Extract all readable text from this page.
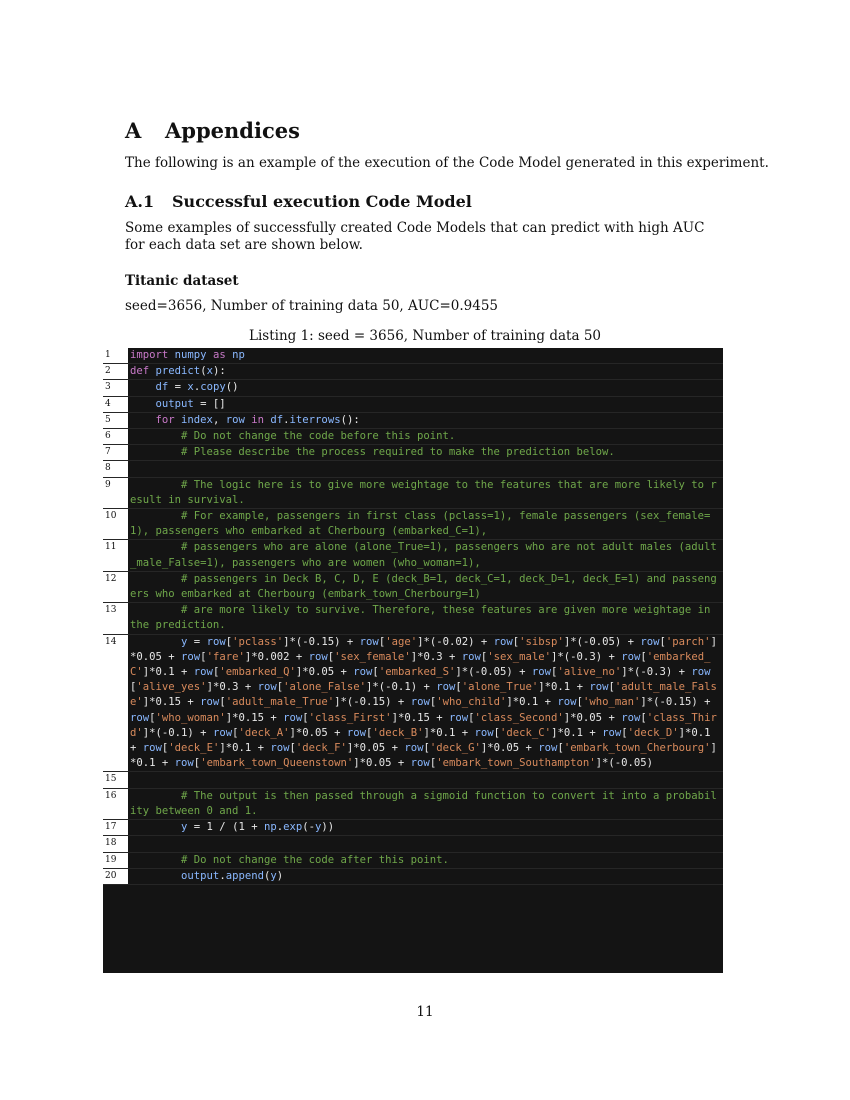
A Appendices
The following is an example of the execution of the Code Model generated in this experiment.
A.1 Successful execution Code Model
Some examples of successfully created Code Models that can predict with high AUC for each data set are shown below.
Titanic dataset
seed=3656, Number of training data 50, AUC=0.9455
Listing 1: seed = 3656, Number of training data 50
1	import numpy as np
2	def predict(x):
3	df = x.copy()
4	output = []
5	for index, row in df.iterrows():
6	# Do not change the code before this point.
7	# Please describe the process required to make the prediction below.
8

9	# The logic here is to give more weightage to the features that are more likely to result in survival.
10	# For example, passengers in first class (pclass=1), female passengers (sex_female=1), passengers who embarked at Cherbourg (embarked_C=1),
11	# passengers who are alone (alone_True=1), passengers who are not adult males (adult_male_False=1), passengers who are women (who_woman=1),
12	# passengers in Deck B, C, D, E (deck_B=1, deck_C=1, deck_D=1, deck_E=1) and passengers who embarked at Cherbourg (embark_town_Cherbourg=1)
13	# are more likely to survive. Therefore, these features are given more weightage in the prediction.
14	y = row['pclass']*(-0.15) + row['age']*(-0.02) + row['sibsp']*(-0.05) + row['parch']*0.05 + row['fare']*0.002 + row['sex_female']*0.3 + row['sex_male']*(-0.3) + row['embarked_C']*0.1 + row['embarked_Q']*0.05 + row['embarked_S']*(-0.05) + row['alive_no']*(-0.3) + row['alive_yes']*0.3 + row['alone_False']*(-0.1) + row['alone_True']*0.1 + row['adult_male_False']*0.15 + row['adult_male_True']*(-0.15) + row['who_child']*0.1 + row['who_man']*(-0.15) + row['who_woman']*0.15 + row['class_First']*0.15 + row['class_Second']*0.05 + row['class_Third']*(-0.1) + row['deck_A']*0.05 + row['deck_B']*0.1 + row['deck_C']*0.1 + row['deck_D']*0.1 + row['deck_E']*0.1 + row['deck_F']*0.05 + row['deck_G']*0.05 + row['embark_town_Cherbourg']*0.1 + row['embark_town_Queenstown']*0.05 + row['embark_town_Southampton']*(-0.05)
15

16	# The output is then passed through a sigmoid function to convert it into a probability between 0 and 1.
17	y = 1 / (1 + np.exp(-y))
18

19	# Do not change the code after this point.
20	output.append(y)
11
